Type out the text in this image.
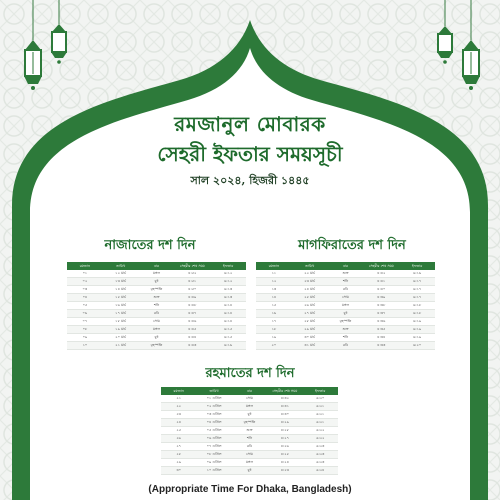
রমজানুল মোবারক
সেহরী ইফতার সময়সূচী
সাল ২০২৪, হিজরী ১৪৪৫
নাজাতের দশ দিন
রমজান	তারিখ	বার	সেহরীর শেষ সময়	ইফতার
০১	১২ মার্চ	মঙ্গল	৪:৫২	৬:১২
০২	১৩ মার্চ	বুধ	৪:৫১	৬:১২
০৩	১৪ মার্চ	বৃহস্পতি	৪:৫০	৬:১৩
০৪	১৫ মার্চ	শুক্র	৪:৪৯	৬:১৩
০৫	১৬ মার্চ	শনি	৪:৪৮	৬:১৪
০৬	১৭ মার্চ	রবি	৪:৪৭	৬:১৪
০৭	১৮ মার্চ	সোম	৪:৪৬	৬:১৪
০৮	১৯ মার্চ	মঙ্গল	৪:৪৫	৬:১৫
০৯	২০ মার্চ	বুধ	৪:৪৪	৬:১৫
১০	২১ মার্চ	বৃহস্পতি	৪:৪৩	৬:১৬
মাগফিরাতের দশ দিন
রমজান	তারিখ	বার	সেহরীর শেষ সময়	ইফতার
১১	২২ মার্চ	শুক্র	৪:৪২	৬:১৬
১২	২৩ মার্চ	শনি	৪:৪১	৬:১৭
১৩	২৪ মার্চ	রবি	৪:৪০	৬:১৭
১৪	২৫ মার্চ	সোম	৪:৩৯	৬:১৭
১৫	২৬ মার্চ	মঙ্গল	৪:৩৮	৬:১৮
১৬	২৭ মার্চ	বুধ	৪:৩৭	৬:১৮
১৭	২৮ মার্চ	বৃহস্পতি	৪:৩৬	৬:১৯
১৮	২৯ মার্চ	শুক্র	৪:৩৫	৬:১৯
১৯	৩০ মার্চ	শনি	৪:৩৪	৬:১৯
২০	৩১ মার্চ	রবি	৪:৩৩	৬:২০
রহমাতের দশ দিন
রমজান	তারিখ	বার	সেহরীর শেষ সময়	ইফতার
২১	০১ এপ্রিল	সোম	৪:৩২	৬:২০
২২	০২ এপ্রিল	মঙ্গল	৪:৩১	৬:২১
২৩	০৩ এপ্রিল	বুধ	৪:৩০	৬:২১
২৪	০৪ এপ্রিল	বৃহস্পতি	৪:২৯	৬:২১
২৫	০৫ এপ্রিল	শুক্র	৪:২৮	৬:২২
২৬	০৬ এপ্রিল	শনি	৪:২৭	৬:২২
২৭	০৭ এপ্রিল	রবি	৪:২৬	৬:২৩
২৮	০৮ এপ্রিল	সোম	৪:২৫	৬:২৩
২৯	০৯ এপ্রিল	মঙ্গল	৪:২৪	৬:২৩
৩০	১০ এপ্রিল	বুধ	৪:২৩	৬:২৪
(Appropriate Time For Dhaka, Bangladesh)
